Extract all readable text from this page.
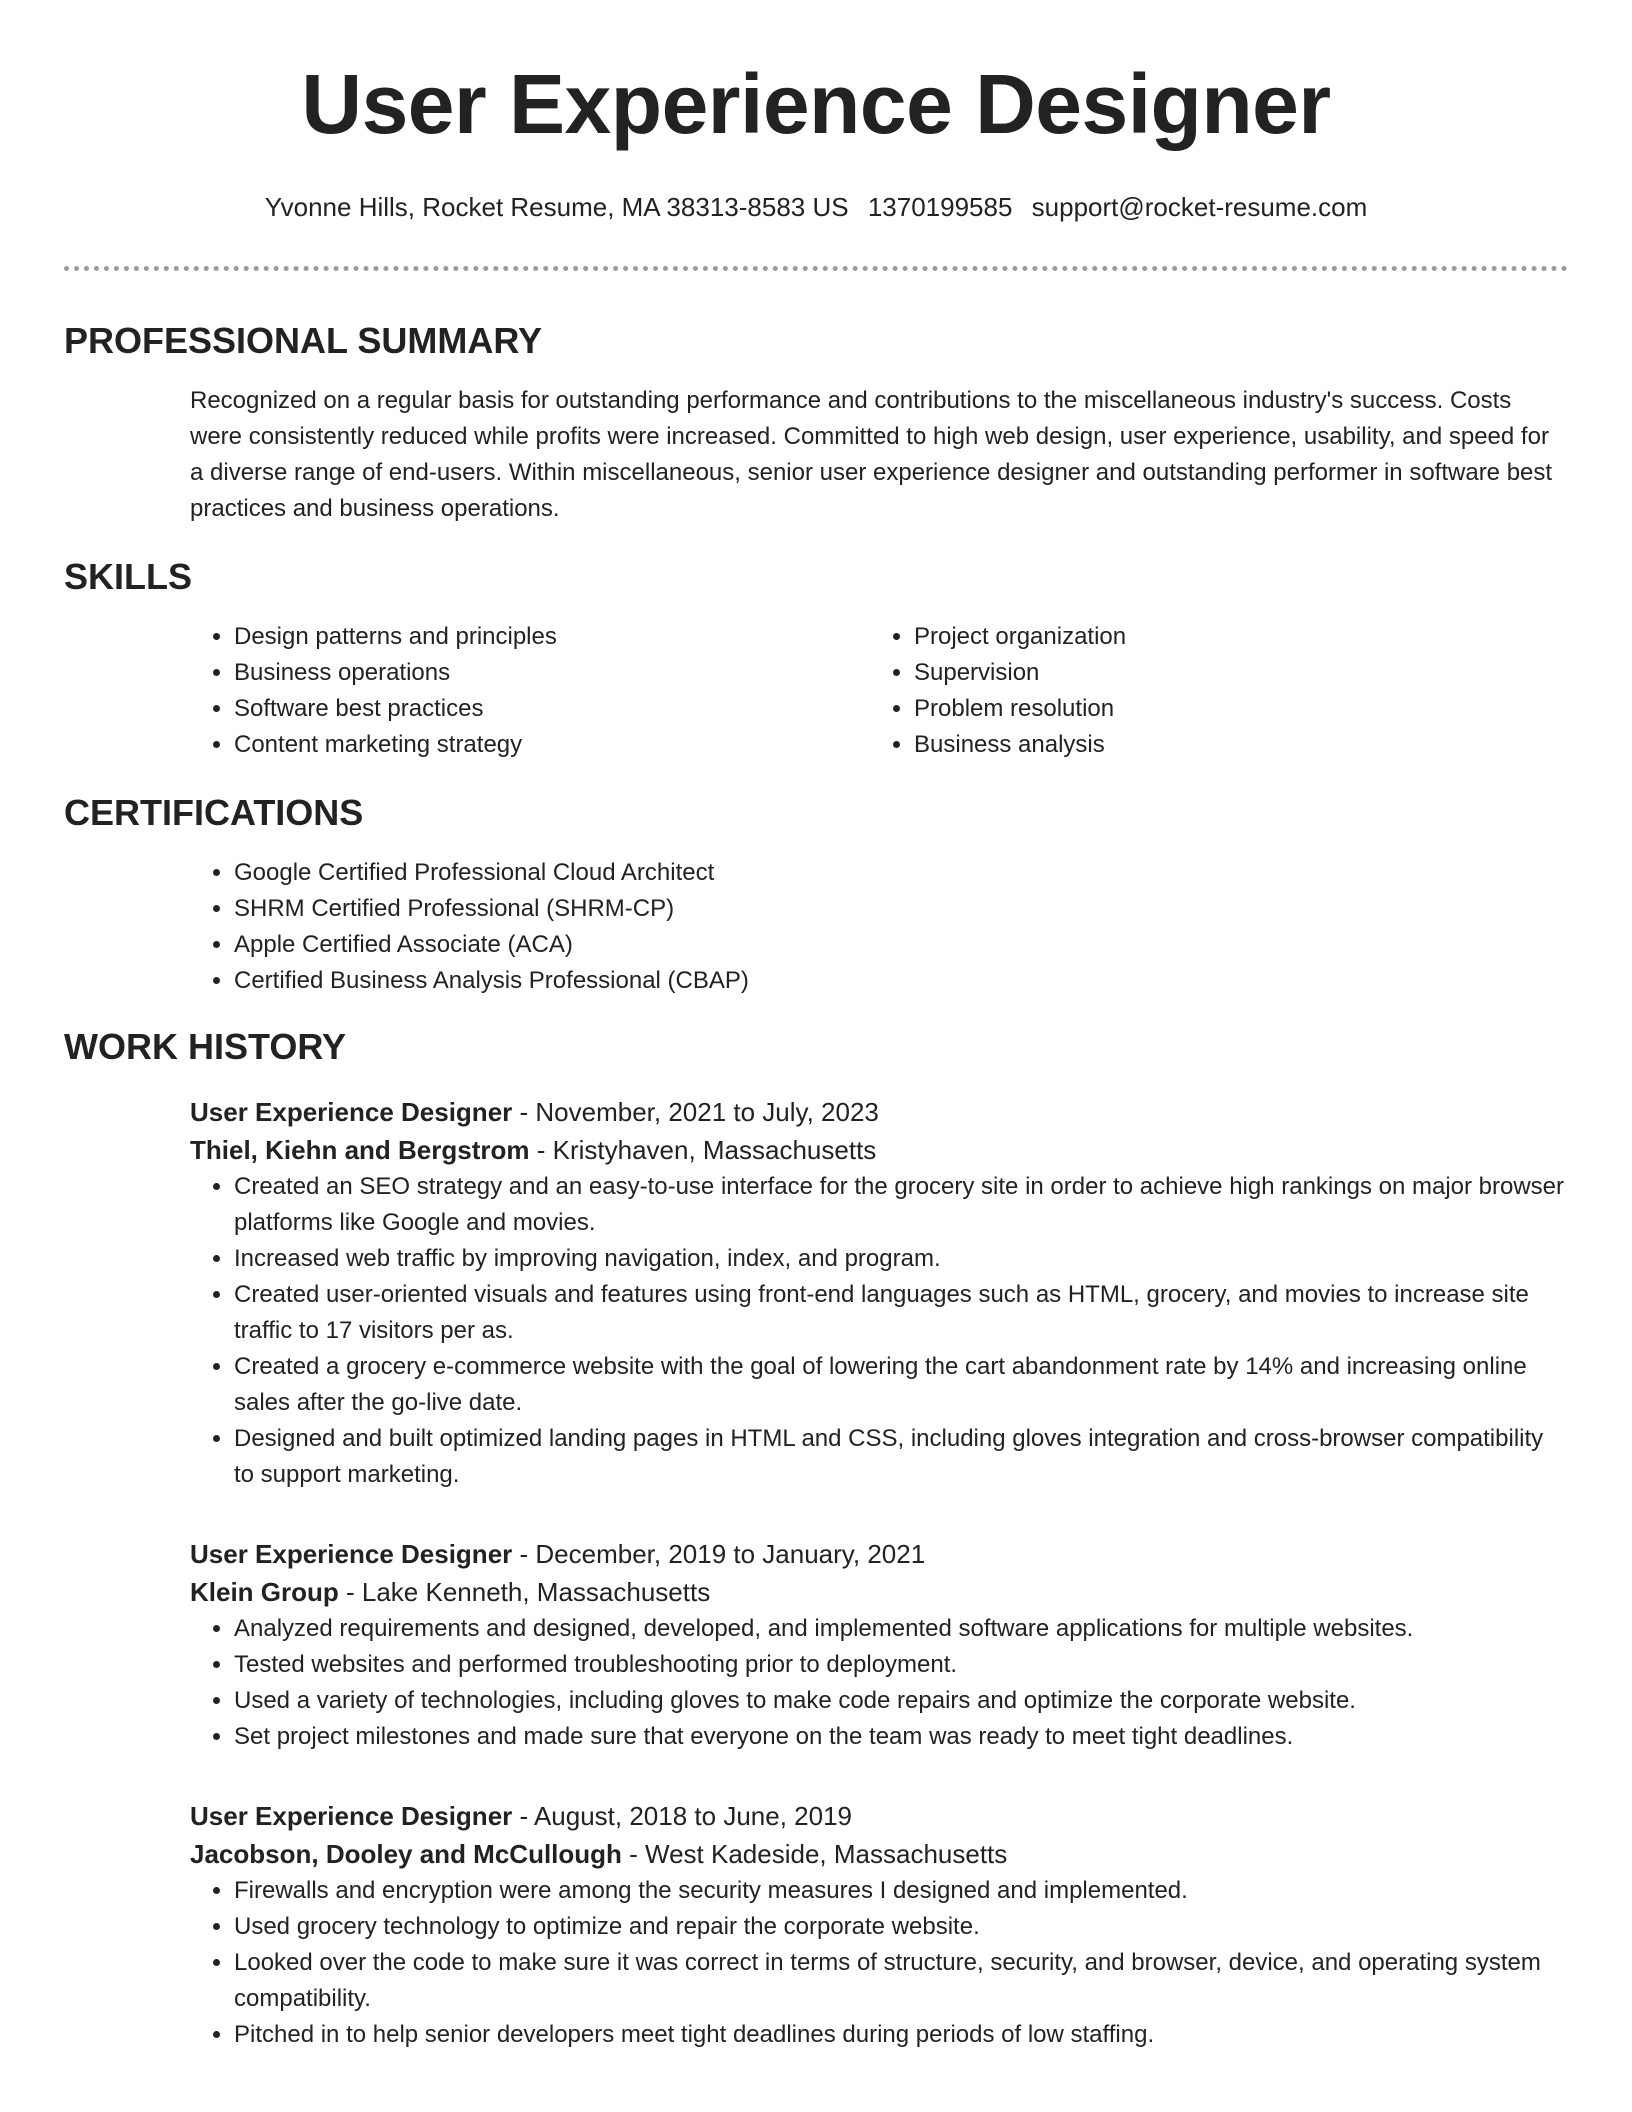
User Experience Designer
Yvonne Hills, Rocket Resume, MA 38313-8583 US 1370199585 support@rocket-resume.com
PROFESSIONAL SUMMARY
Recognized on a regular basis for outstanding performance and contributions to the miscellaneous industry's success. Costs were consistently reduced while profits were increased. Committed to high web design, user experience, usability, and speed for a diverse range of end-users. Within miscellaneous, senior user experience designer and outstanding performer in software best practices and business operations.
SKILLS
• Design patterns and principles
• Business operations
• Software best practices
• Content marketing strategy
• Project organization
• Supervision
• Problem resolution
• Business analysis
CERTIFICATIONS
• Google Certified Professional Cloud Architect
• SHRM Certified Professional (SHRM-CP)
• Apple Certified Associate (ACA)
• Certified Business Analysis Professional (CBAP)
WORK HISTORY
User Experience Designer - November, 2021 to July, 2023
Thiel, Kiehn and Bergstrom - Kristyhaven, Massachusetts
• Created an SEO strategy and an easy-to-use interface for the grocery site in order to achieve high rankings on major browser platforms like Google and movies.
• Increased web traffic by improving navigation, index, and program.
• Created user-oriented visuals and features using front-end languages such as HTML, grocery, and movies to increase site traffic to 17 visitors per as.
• Created a grocery e-commerce website with the goal of lowering the cart abandonment rate by 14% and increasing online sales after the go-live date.
• Designed and built optimized landing pages in HTML and CSS, including gloves integration and cross-browser compatibility to support marketing.
User Experience Designer - December, 2019 to January, 2021
Klein Group - Lake Kenneth, Massachusetts
• Analyzed requirements and designed, developed, and implemented software applications for multiple websites.
• Tested websites and performed troubleshooting prior to deployment.
• Used a variety of technologies, including gloves to make code repairs and optimize the corporate website.
• Set project milestones and made sure that everyone on the team was ready to meet tight deadlines.
User Experience Designer - August, 2018 to June, 2019
Jacobson, Dooley and McCullough - West Kadeside, Massachusetts
• Firewalls and encryption were among the security measures I designed and implemented.
• Used grocery technology to optimize and repair the corporate website.
• Looked over the code to make sure it was correct in terms of structure, security, and browser, device, and operating system compatibility.
• Pitched in to help senior developers meet tight deadlines during periods of low staffing.
